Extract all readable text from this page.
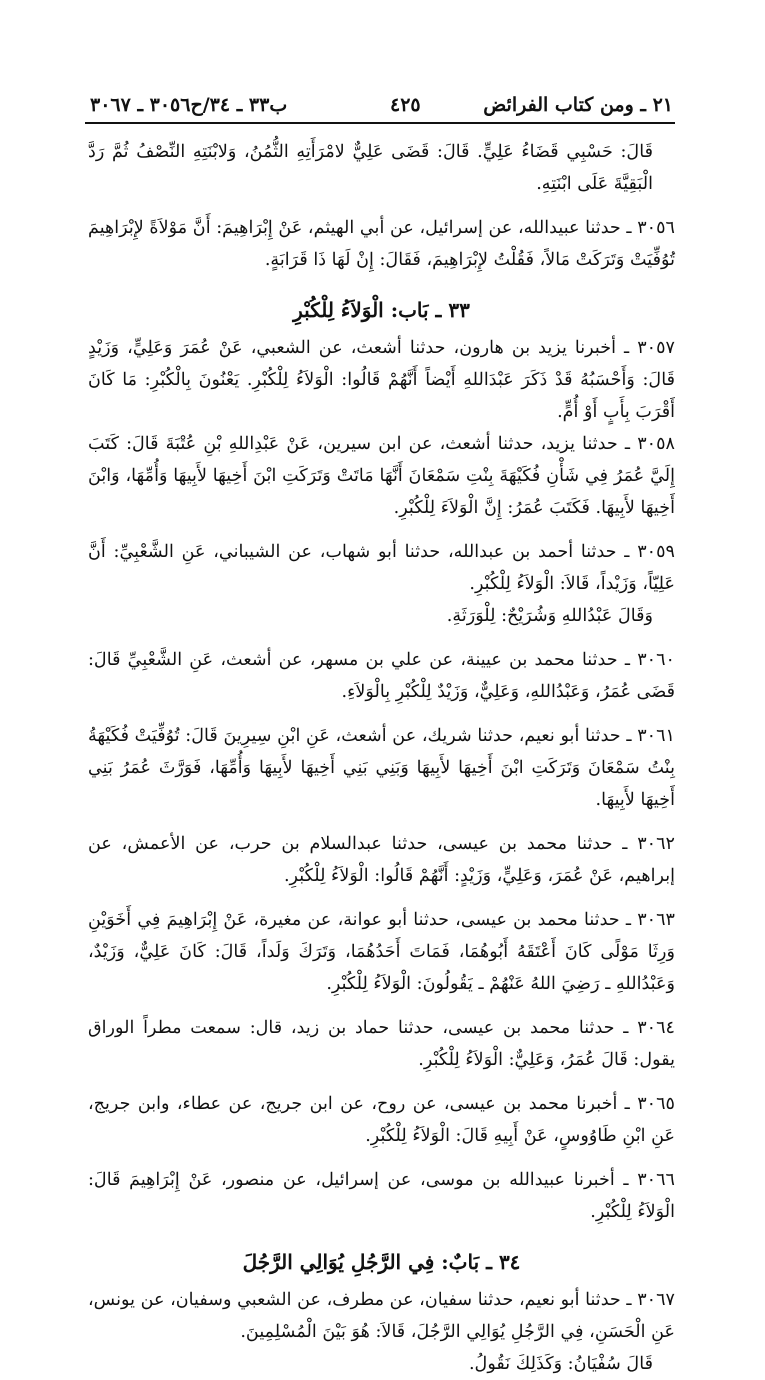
٢١ ـ ومن كتاب الفرائض
٤٢٥
ب٣٣ ـ ٣٤/ح٣٠٥٦ ـ ٣٠٦٧

قَالَ: حَسْبِي قَضَاءُ عَلِيٍّ. قَالَ: قَضَى عَلِيٌّ لامْرَأَتِهِ الثُّمُنُ، وَلابْنَتِهِ النِّصْفُ ثُمَّ رَدَّ الْبَقِيَّةَ عَلَى ابْنَتِهِ.

٣٠٥٦ ـ حدثنا عبيدالله، عن إسرائيل، عن أبي الهيثم، عَنْ إِبْرَاهِيمَ: أَنَّ مَوْلاَةً لإِبْرَاهِيمَ تُوُفِّيَتْ وَتَرَكَتْ مَالاً، فَقُلْتُ لإِبْرَاهِيمَ، فَقَالَ: إِنْ لَهَا ذَا قَرَابَةٍ.

٣٣ ـ بَاب: الْوَلاَءُ لِلْكُبْرِ

٣٠٥٧ ـ أخبرنا يزيد بن هارون، حدثنا أشعث، عن الشعبي، عَنْ عُمَرَ وَعَلِيٍّ، وَزَيْدٍ قَالَ: وَأَحْسَبُهُ قَدْ ذَكَرَ عَبْدَاللهِ أَيْضاً أَنَّهُمْ قَالُوا: الْوَلاَءُ لِلْكُبْرِ. يَعْنُونَ بِالْكُبْرِ: مَا كَانَ أَقْرَبَ بِأَبٍ أَوْ أُمٍّ.

٣٠٥٨ ـ حدثنا يزيد، حدثنا أشعث، عن ابن سيرين، عَنْ عَبْدِاللهِ بْنِ عُتْبَةَ قَالَ: كَتَبَ إِلَيَّ عُمَرُ فِي شَأْنِ فُكَيْهَةَ بِنْتِ سَمْعَانَ أَنَّهَا مَاتَتْ وَتَرَكَتِ ابْنَ أَخِيهَا لأَبِيهَا وَأُمِّهَا، وَابْنَ أَخِيهَا لأَبِيهَا. فَكَتَبَ عُمَرُ: إِنَّ الْوَلاَءَ لِلْكُبْرِ.

٣٠٥٩ ـ حدثنا أحمد بن عبدالله، حدثنا أبو شهاب، عن الشيباني، عَنِ الشَّعْبِيِّ: أَنَّ عَلِيّاً، وَزَيْداً، قَالاَ: الْوَلاَءُ لِلْكُبْرِ.

وَقَالَ عَبْدُاللهِ وَشُرَيْحٌ: لِلْوَرَثَةِ.

٣٠٦٠ ـ حدثنا محمد بن عيينة، عن علي بن مسهر، عن أشعث، عَنِ الشَّعْبِيِّ قَالَ: قَضَى عُمَرُ، وَعَبْدُاللهِ، وَعَلِيٌّ، وَزَيْدٌ لِلْكُبْرِ بِالْوَلاَءِ.

٣٠٦١ ـ حدثنا أبو نعيم، حدثنا شريك، عن أشعث، عَنِ ابْنِ سِيرِينَ قَالَ: تُوُفِّيَتْ فُكَيْهَةُ بِنْتُ سَمْعَانَ وَتَرَكَتِ ابْنَ أَخِيهَا لأَبِيهَا وَبَنِي بَنِي أَخِيهَا لأَبِيهَا وَأُمِّهَا، فَوَرَّثَ عُمَرُ بَنِي أَخِيهَا لأَبِيهَا.

٣٠٦٢ ـ حدثنا محمد بن عيسى، حدثنا عبدالسلام بن حرب، عن الأعمش، عن إبراهيم، عَنْ عُمَرَ، وَعَلِيٍّ، وَزَيْدٍ: أَنَّهُمْ قَالُوا: الْوَلاَءُ لِلْكُبْرِ.

٣٠٦٣ ـ حدثنا محمد بن عيسى، حدثنا أبو عوانة، عن مغيرة، عَنْ إِبْرَاهِيمَ فِي أَخَوَيْنِ وَرِثَا مَوْلًى كَانَ أَعْتَقَهُ أَبُوهُمَا، فَمَاتَ أَحَدُهُمَا، وَتَرَكَ وَلَداً، قَالَ: كَانَ عَلِيٌّ، وَزَيْدٌ، وَعَبْدُاللهِ ـ رَضِيَ اللهُ عَنْهُمْ ـ يَقُولُونَ: الْوَلاَءُ لِلْكُبْرِ.

٣٠٦٤ ـ حدثنا محمد بن عيسى، حدثنا حماد بن زيد، قال: سمعت مطراً الوراق يقول: قَالَ عُمَرُ، وَعَلِيٌّ: الْوَلاَءُ لِلْكُبْرِ.

٣٠٦٥ ـ أخبرنا محمد بن عيسى، عن روح، عن ابن جريج، عن عطاء، وابن جريج، عَنِ ابْنِ طَاوُوسٍ، عَنْ أَبِيهِ قَالَ: الْوَلاَءُ لِلْكُبْرِ.

٣٠٦٦ ـ أخبرنا عبيدالله بن موسى، عن إسرائيل، عن منصور، عَنْ إِبْرَاهِيمَ قَالَ: الْوَلاَءُ لِلْكُبْرِ.

٣٤ ـ بَابٌ: فِي الرَّجُلِ يُوَالِي الرَّجُلَ

٣٠٦٧ ـ حدثنا أبو نعيم، حدثنا سفيان، عن مطرف، عن الشعبي وسفيان، عن يونس، عَنِ الْحَسَنِ، فِي الرَّجُلِ يُوَالِي الرَّجُلَ، قَالاَ: هُوَ بَيْنَ الْمُسْلِمِينَ.

قَالَ سُفْيَانُ: وَكَذَلِكَ نَقُولُ.
